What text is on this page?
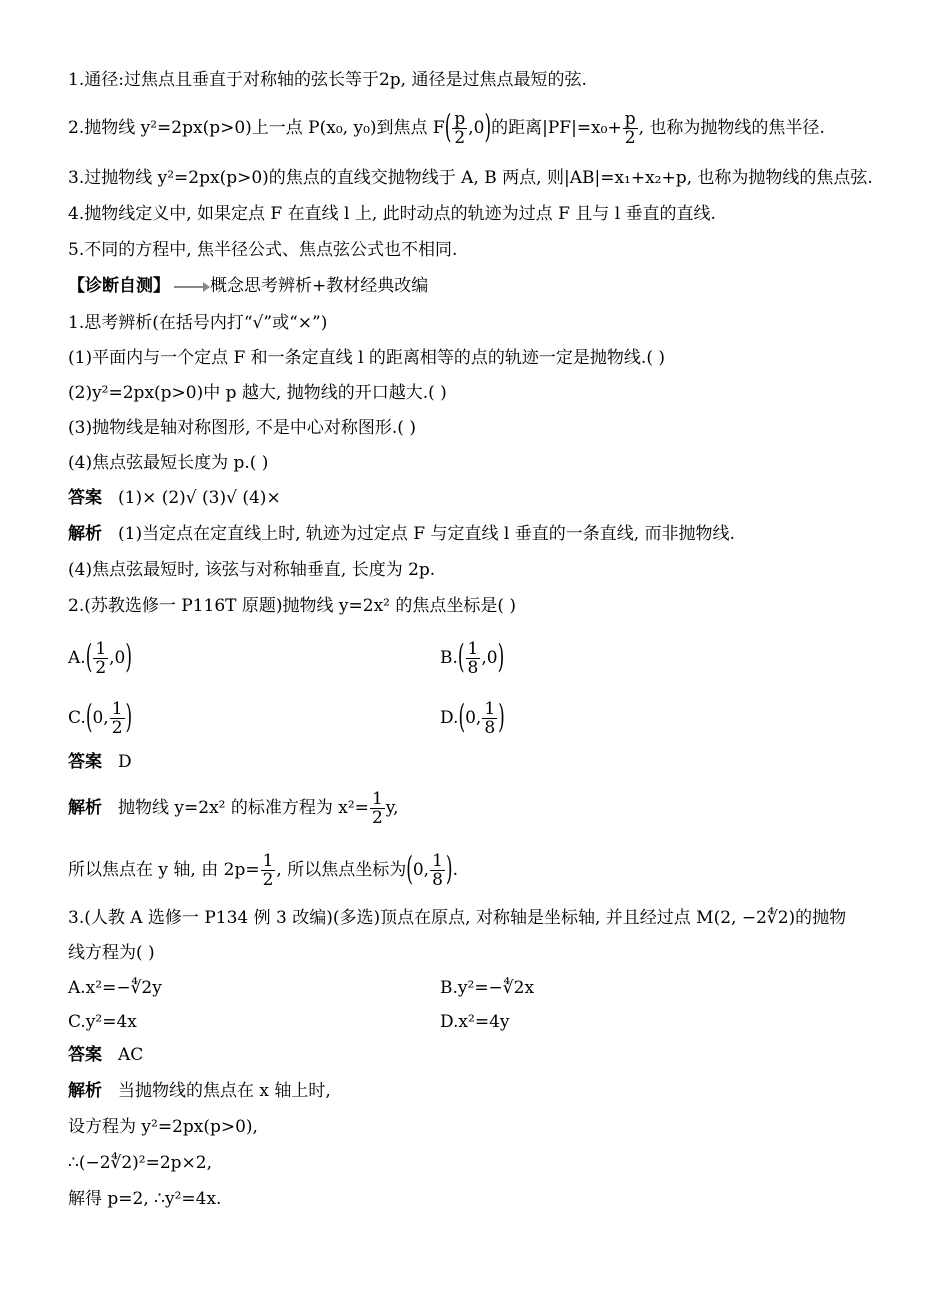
1.通径:过焦点且垂直于对称轴的弦长等于2p, 通径是过焦点最短的弦.
2.抛物线 y²=2px(p>0)上一点 P(x₀, y₀)到焦点 $F( \frac{p}{2} ,0)$的距离$|PF|=x_0+ \frac{p}{2}$ , 也称为抛物线的焦半径.
3.过抛物线 y²=2px(p>0)的焦点的直线交抛物线于 A, B 两点, 则|AB|=x₁+x₂+p, 也称为抛物线的焦点弦.
4.抛物线定义中, 如果定点 F 在直线 l 上, 此时动点的轨迹为过点 F 且与 l 垂直的直线.
5.不同的方程中, 焦半径公式、焦点弦公式也不相同.
【诊断自测】 概念思考辨析+教材经典改编
1.思考辨析(在括号内打“√”或“×”)
(1)平面内与一个定点 F 和一条定直线 l 的距离相等的点的轨迹一定是抛物线.( )
(2)y²=2px(p>0)中 p 越大, 抛物线的开口越大.( )
(3)抛物线是轴对称图形, 不是中心对称图形.( )
(4)焦点弦最短长度为 p.( )
答案 (1)× (2)√ (3)√ (4)×
解析 (1)当定点在定直线上时, 轨迹为过定点 F 与定直线 l 垂直的一条直线, 而非抛物线.
(4)焦点弦最短时, 该弦与对称轴垂直, 长度为 2p.
2.(苏教选修一 P116T 原题)抛物线 y=2x² 的焦点坐标是( )
$A.( \frac{1}{2} ,0)$	$B.( \frac{1}{8} ,0)$
C.(0, $\frac{1}{2}$ )	D.(0, $\frac{1}{8}$ )
答案 D
解析 抛物线 y=2x² 的标准方程为 $x^2= \frac{1}{2} y$,
所以焦点在 y 轴, 由 $2p= \frac{1}{2}$ , 所以焦点坐标为(0, $\frac{1}{8}$ ).
3.(人教 A 选修一 P134 例 3 改编)(多选)顶点在原点, 对称轴是坐标轴, 并且经过点 M(2, −2∜2)的抛物
线方程为( )
A.x²=−∜2y	B.y²=−∜2x
C.y²=4x	D.x²=4y
答案 AC
解析 当抛物线的焦点在 x 轴上时,
设方程为 y²=2px(p>0),
∴(−2∜2)²=2p×2,
解得 p=2, ∴y²=4x.
